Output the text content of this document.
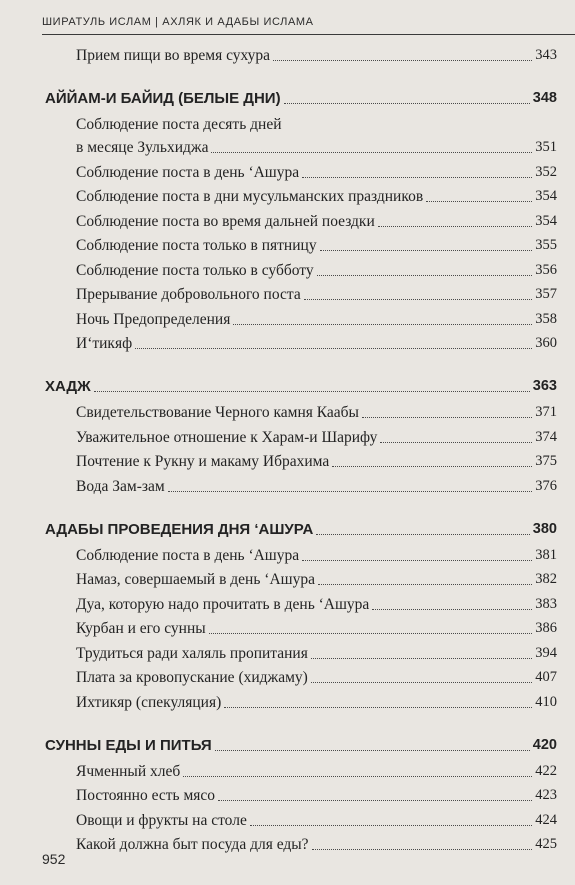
ШИРАТУЛЬ ИСЛАМ | АХЛЯК И АДАБЫ ИСЛАМА
Прием пищи во время сухура	343
АЙЙАМ-И БАЙИД (БЕЛЫЕ ДНИ)	348
Соблюдение поста десять дней
в месяце Зульхиджа	351
Соблюдение поста в день ‘Ашура	352
Соблюдение поста в дни мусульманских праздников	354
Соблюдение поста во время дальней поездки	354
Соблюдение поста только в пятницу	355
Соблюдение поста только в субботу	356
Прерывание добровольного поста	357
Ночь Предопределения	358
И‘тикяф	360
ХАДЖ	363
Свидетельствование Черного камня Каабы	371
Уважительное отношение к Харам-и Шарифу	374
Почтение к Рукну и макаму Ибрахима	375
Вода Зам-зам	376
АДАБЫ ПРОВЕДЕНИЯ ДНЯ ‘АШУРА	380
Соблюдение поста в день ‘Ашура	381
Намаз, совершаемый в день ‘Ашура	382
Дуа, которую надо прочитать в день ‘Ашура	383
Курбан и его сунны	386
Трудиться ради халяль пропитания	394
Плата за кровопускание (хиджаму)	407
Ихтикяр (спекуляция)	410
СУННЫ ЕДЫ И ПИТЬЯ	420
Ячменный хлеб	422
Постоянно есть мясо	423
Овощи и фрукты на столе	424
Какой должна быт посуда для еды?	425
952
